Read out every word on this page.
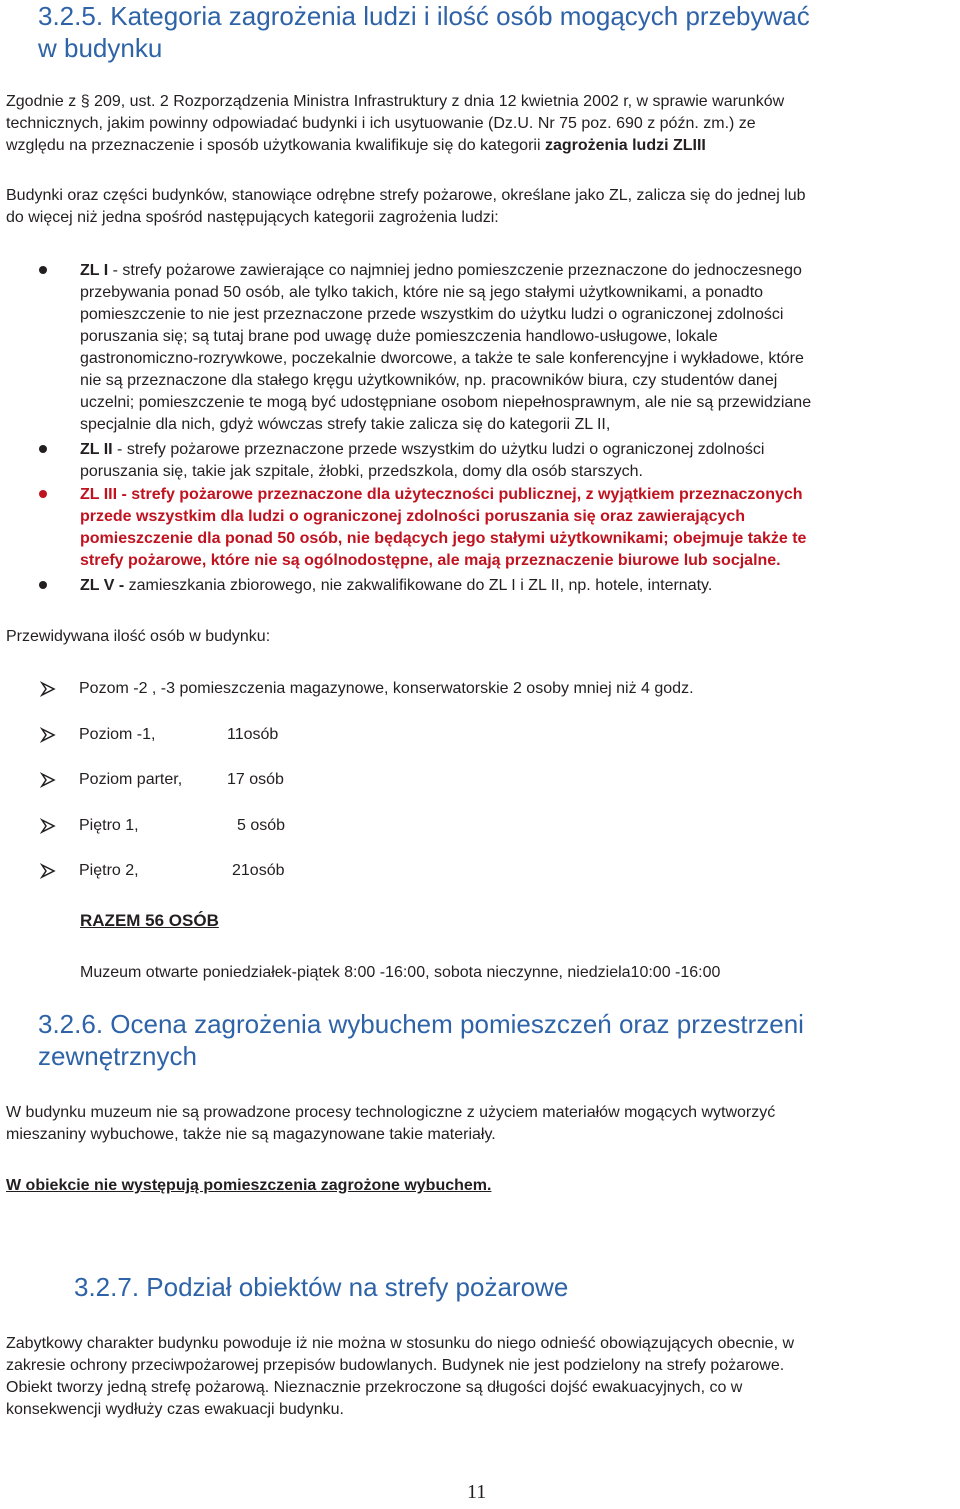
3.2.5. Kategoria zagrożenia ludzi i ilość osób mogących przebywać
w budynku
Zgodnie z § 209, ust. 2 Rozporządzenia Ministra Infrastruktury z dnia 12 kwietnia 2002 r, w sprawie warunków
technicznych, jakim powinny odpowiadać budynki i ich usytuowanie (Dz.U. Nr 75 poz. 690 z późn. zm.) ze
względu na przeznaczenie i sposób użytkowania kwalifikuje się do kategorii zagrożenia ludzi ZLIII
Budynki oraz części budynków, stanowiące odrębne strefy pożarowe, określane jako ZL, zalicza się do jednej lub
do więcej niż jedna spośród następujących kategorii zagrożenia ludzi:
ZL I - strefy pożarowe zawierające co najmniej jedno pomieszczenie przeznaczone do jednoczesnego
przebywania ponad 50 osób, ale tylko takich, które nie są jego stałymi użytkownikami, a ponadto
pomieszczenie to nie jest przeznaczone przede wszystkim do użytku ludzi o ograniczonej zdolności
poruszania się; są tutaj brane pod uwagę duże pomieszczenia handlowo-usługowe, lokale
gastronomiczno-rozrywkowe, poczekalnie dworcowe, a także te sale konferencyjne i wykładowe, które
nie są przeznaczone dla stałego kręgu użytkowników, np. pracowników biura, czy studentów danej
uczelni; pomieszczenie te mogą być udostępniane osobom niepełnosprawnym, ale nie są przewidziane
specjalnie dla nich, gdyż wówczas strefy takie zalicza się do kategorii ZL II,
ZL II - strefy pożarowe przeznaczone przede wszystkim do użytku ludzi o ograniczonej zdolności
poruszania się, takie jak szpitale, żłobki, przedszkola, domy dla osób starszych.
ZL III - strefy pożarowe przeznaczone dla użyteczności publicznej, z wyjątkiem przeznaczonych
przede wszystkim dla ludzi o ograniczonej zdolności poruszania się oraz zawierających
pomieszczenie dla ponad 50 osób, nie będących jego stałymi użytkownikami; obejmuje także te
strefy pożarowe, które nie są ogólnodostępne, ale mają przeznaczenie biurowe lub socjalne.
ZL V - zamieszkania zbiorowego, nie zakwalifikowane do ZL I i ZL II, np. hotele, internaty.
Przewidywana ilość osób w budynku:
Pozom -2 , -3 pomieszczenia magazynowe, konserwatorskie 2 osoby mniej niż 4 godz.
Poziom -1,	11osób
Poziom parter,	17 osób
Piętro 1,	5 osób
Piętro 2,	21osób
RAZEM 56 OSÓB
Muzeum otwarte poniedziałek-piątek 8:00 -16:00, sobota nieczynne, niedziela10:00 -16:00
3.2.6. Ocena zagrożenia wybuchem pomieszczeń oraz przestrzeni
zewnętrznych
W budynku muzeum nie są prowadzone procesy technologiczne z użyciem materiałów mogących wytworzyć
mieszaniny wybuchowe, także nie są magazynowane takie materiały.
W obiekcie nie występują pomieszczenia zagrożone wybuchem.
3.2.7. Podział obiektów na strefy pożarowe
Zabytkowy charakter budynku powoduje iż nie można w stosunku do niego odnieść obowiązujących obecnie, w
zakresie ochrony przeciwpożarowej przepisów budowlanych. Budynek nie jest podzielony na strefy pożarowe.
Obiekt tworzy jedną strefę pożarową. Nieznacznie przekroczone są długości dojść ewakuacyjnych, co w
konsekwencji wydłuży czas ewakuacji budynku.
11
